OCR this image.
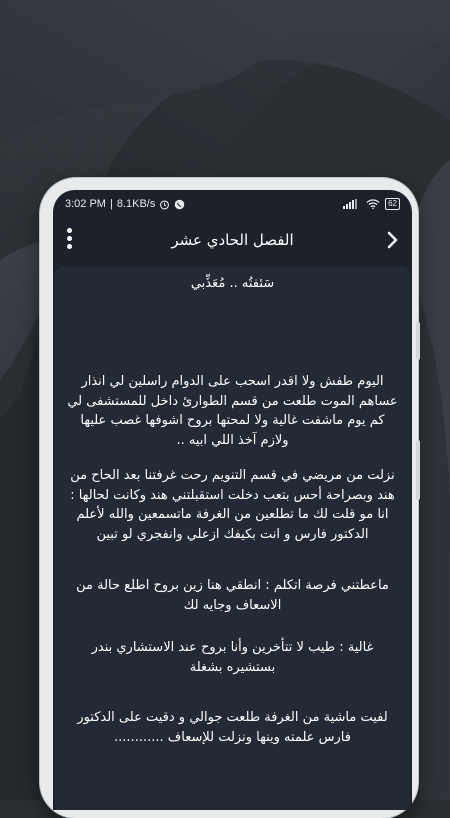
3:02 PM | 8.1KB/s	62
الفصل الحادي عشر
سَئفتُه .. مُعَذِّبي
اليوم طفش ولا اقدر اسحب على الدوام راسلين لي انذار عساهم الموت طلعت من قسم الطوارئ داخل للمستشفى لي كم يوم ماشفت غالية ولا لمحتها بروح اشوفها غصب عليها ولازم آخذ اللي ابيه ..
نزلت من مريضي في قسم التنويم رحت غرفتنا بعد الحاح من هند وبصراحة أحس بتعب دخلت استقبلتني هند وكانت لحالها : انا مو قلت لك ما تطلعين من الغرفة ماتسمعين والله لأعلم الدكتور فارس و انت بكيفك ازعلي وانفجري لو تبين
ماعطتني فرصة اتكلم : انطقي هنا زين بروح اطلع حالة من الاسعاف وجايه لك
غالية : طيب لا تتأخرين وأنا بروح عند الاستشاري بندر بستشيره بشغلة
لفيت ماشية من الغرفة طلعت جوالي و دقيت على الدكتور فارس علمته وينها ونزلت للإسعاف ............
